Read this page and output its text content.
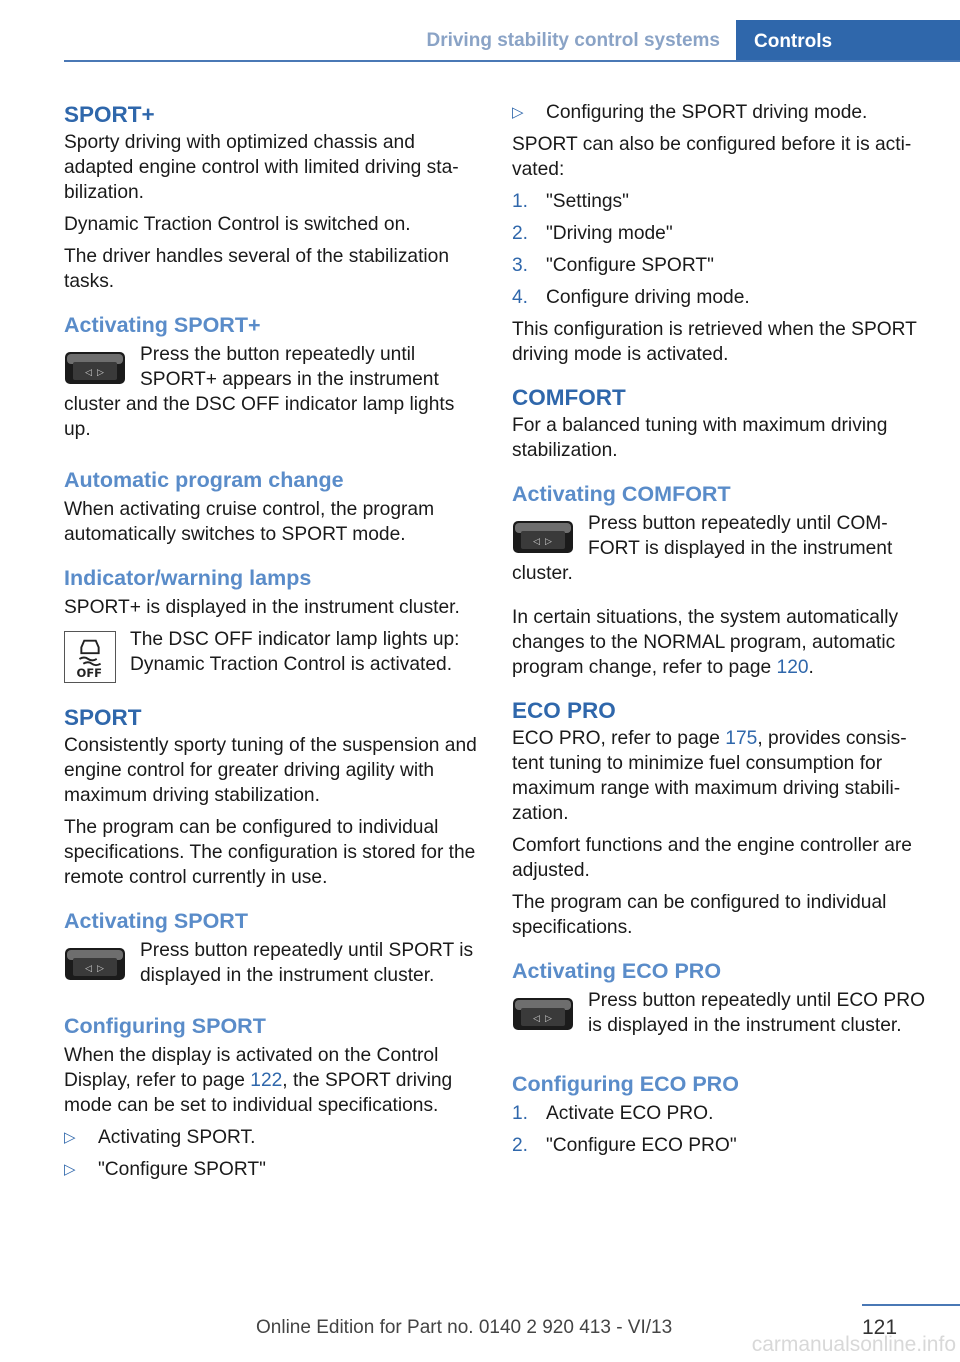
Driving stability control systems Controls
SPORT+

Sporty driving with optimized chassis and adapted engine control with limited driving sta-bilization.

Dynamic Traction Control is switched on.

The driver handles several of the stabilization tasks.

Activating SPORT+
◁ ▷

Press the button repeatedly until SPORT+ appears in the instrument cluster and the DSC OFF indicator lamp lights up.

Automatic program change

When activating cruise control, the program automatically switches to SPORT mode.

Indicator/warning lamps

SPORT+ is displayed in the instrument cluster.

OFF

The DSC OFF indicator lamp lights up: Dynamic Traction Control is activated.

SPORT

Consistently sporty tuning of the suspension and engine control for greater driving agility with maximum driving stabilization.

The program can be configured to individual specifications. The configuration is stored for the remote control currently in use.

Activating SPORT
◁ ▷

Press button repeatedly until SPORT is displayed in the instrument cluster.

Configuring SPORT

When the display is activated on the Control Display, refer to page 122, the SPORT driving mode can be set to individual specifications.

▷ Activating SPORT.
▷ "Configure SPORT"
▷ Configuring the SPORT driving mode.

SPORT can also be configured before it is acti-vated:

1. "Settings"
2. "Driving mode"
3. "Configure SPORT"
4. Configure driving mode.

This configuration is retrieved when the SPORT driving mode is activated.

COMFORT

For a balanced tuning with maximum driving stabilization.

Activating COMFORT
◁ ▷

Press button repeatedly until COM-FORT is displayed in the instrument cluster.

In certain situations, the system automatically changes to the NORMAL program, automatic program change, refer to page 120.

ECO PRO

ECO PRO, refer to page 175, provides consis-tent tuning to minimize fuel consumption for maximum range with maximum driving stabili-zation.

Comfort functions and the engine controller are adjusted.

The program can be configured to individual specifications.

Activating ECO PRO
◁ ▷

Press button repeatedly until ECO PRO is displayed in the instrument cluster.

Configuring ECO PRO
1. Activate ECO PRO.
2. "Configure ECO PRO"
121
Online Edition for Part no. 0140 2 920 413 - VI/13
carmanualsonline.info
